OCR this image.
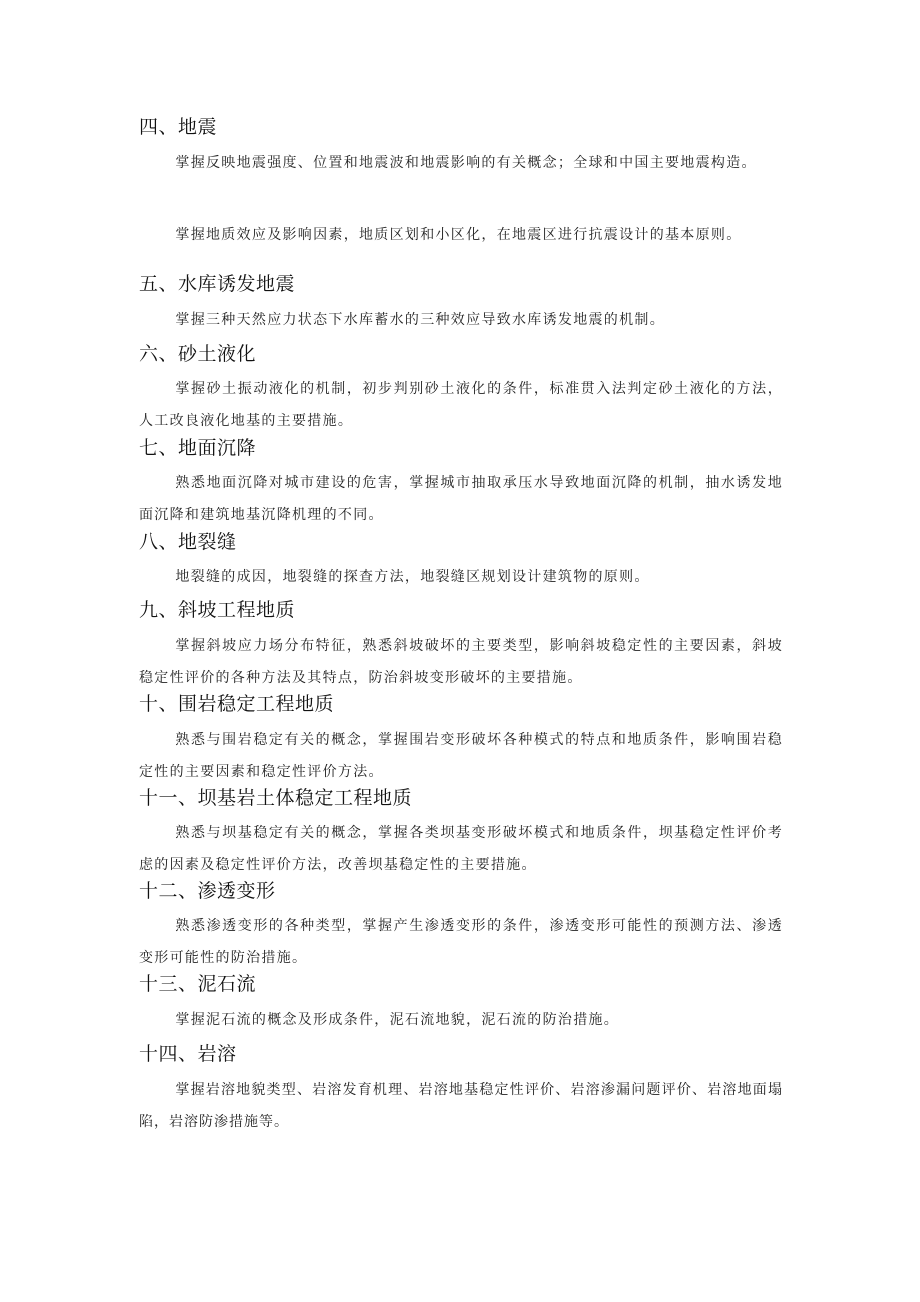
四、地震

掌握反映地震强度、位置和地震波和地震影响的有关概念；全球和中国主要地震构造。

掌握地质效应及影响因素，地质区划和小区化，在地震区进行抗震设计的基本原则。

五、水库诱发地震

掌握三种天然应力状态下水库蓄水的三种效应导致水库诱发地震的机制。

六、砂土液化

掌握砂土振动液化的机制，初步判别砂土液化的条件，标准贯入法判定砂土液化的方法，人工改良液化地基的主要措施。

七、地面沉降

熟悉地面沉降对城市建设的危害，掌握城市抽取承压水导致地面沉降的机制，抽水诱发地面沉降和建筑地基沉降机理的不同。

八、地裂缝

地裂缝的成因，地裂缝的探查方法，地裂缝区规划设计建筑物的原则。

九、斜坡工程地质

掌握斜坡应力场分布特征，熟悉斜坡破坏的主要类型，影响斜坡稳定性的主要因素，斜坡稳定性评价的各种方法及其特点，防治斜坡变形破坏的主要措施。

十、围岩稳定工程地质

熟悉与围岩稳定有关的概念，掌握围岩变形破坏各种模式的特点和地质条件，影响围岩稳定性的主要因素和稳定性评价方法。

十一、坝基岩土体稳定工程地质

熟悉与坝基稳定有关的概念，掌握各类坝基变形破坏模式和地质条件，坝基稳定性评价考虑的因素及稳定性评价方法，改善坝基稳定性的主要措施。

十二、渗透变形

熟悉渗透变形的各种类型，掌握产生渗透变形的条件，渗透变形可能性的预测方法、渗透变形可能性的防治措施。

十三、泥石流

掌握泥石流的概念及形成条件，泥石流地貌，泥石流的防治措施。

十四、岩溶

掌握岩溶地貌类型、岩溶发育机理、岩溶地基稳定性评价、岩溶渗漏问题评价、岩溶地面塌陷，岩溶防渗措施等。
